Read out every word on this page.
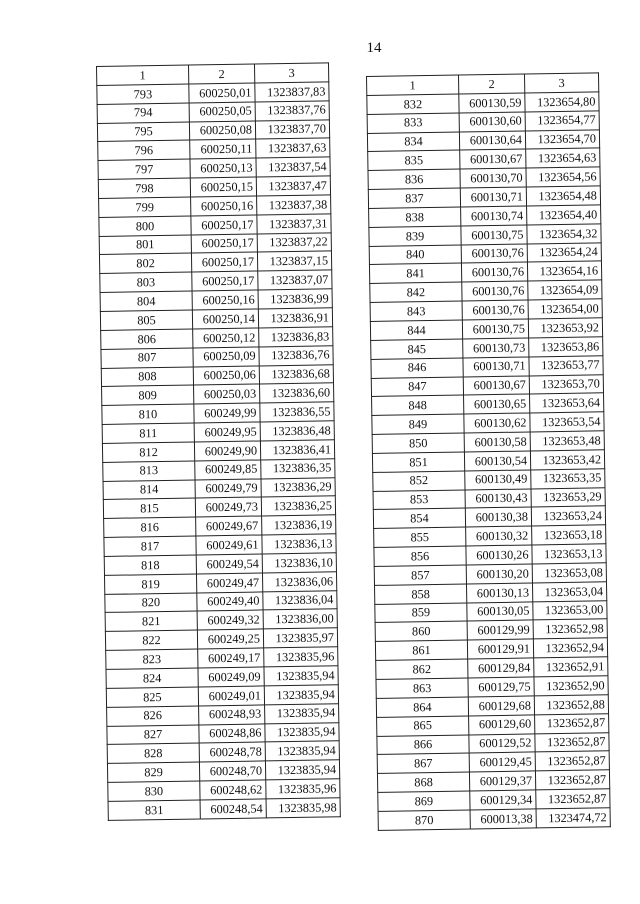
14
1	2	3
793	600250,01	1323837,83
794	600250,05	1323837,76
795	600250,08	1323837,70
796	600250,11	1323837,63
797	600250,13	1323837,54
798	600250,15	1323837,47
799	600250,16	1323837,38
800	600250,17	1323837,31
801	600250,17	1323837,22
802	600250,17	1323837,15
803	600250,17	1323837,07
804	600250,16	1323836,99
805	600250,14	1323836,91
806	600250,12	1323836,83
807	600250,09	1323836,76
808	600250,06	1323836,68
809	600250,03	1323836,60
810	600249,99	1323836,55
811	600249,95	1323836,48
812	600249,90	1323836,41
813	600249,85	1323836,35
814	600249,79	1323836,29
815	600249,73	1323836,25
816	600249,67	1323836,19
817	600249,61	1323836,13
818	600249,54	1323836,10
819	600249,47	1323836,06
820	600249,40	1323836,04
821	600249,32	1323836,00
822	600249,25	1323835,97
823	600249,17	1323835,96
824	600249,09	1323835,94
825	600249,01	1323835,94
826	600248,93	1323835,94
827	600248,86	1323835,94
828	600248,78	1323835,94
829	600248,70	1323835,94
830	600248,62	1323835,96
831	600248,54	1323835,98
1	2	3
832	600130,59	1323654,80
833	600130,60	1323654,77
834	600130,64	1323654,70
835	600130,67	1323654,63
836	600130,70	1323654,56
837	600130,71	1323654,48
838	600130,74	1323654,40
839	600130,75	1323654,32
840	600130,76	1323654,24
841	600130,76	1323654,16
842	600130,76	1323654,09
843	600130,76	1323654,00
844	600130,75	1323653,92
845	600130,73	1323653,86
846	600130,71	1323653,77
847	600130,67	1323653,70
848	600130,65	1323653,64
849	600130,62	1323653,54
850	600130,58	1323653,48
851	600130,54	1323653,42
852	600130,49	1323653,35
853	600130,43	1323653,29
854	600130,38	1323653,24
855	600130,32	1323653,18
856	600130,26	1323653,13
857	600130,20	1323653,08
858	600130,13	1323653,04
859	600130,05	1323653,00
860	600129,99	1323652,98
861	600129,91	1323652,94
862	600129,84	1323652,91
863	600129,75	1323652,90
864	600129,68	1323652,88
865	600129,60	1323652,87
866	600129,52	1323652,87
867	600129,45	1323652,87
868	600129,37	1323652,87
869	600129,34	1323652,87
870	600013,38	1323474,72
